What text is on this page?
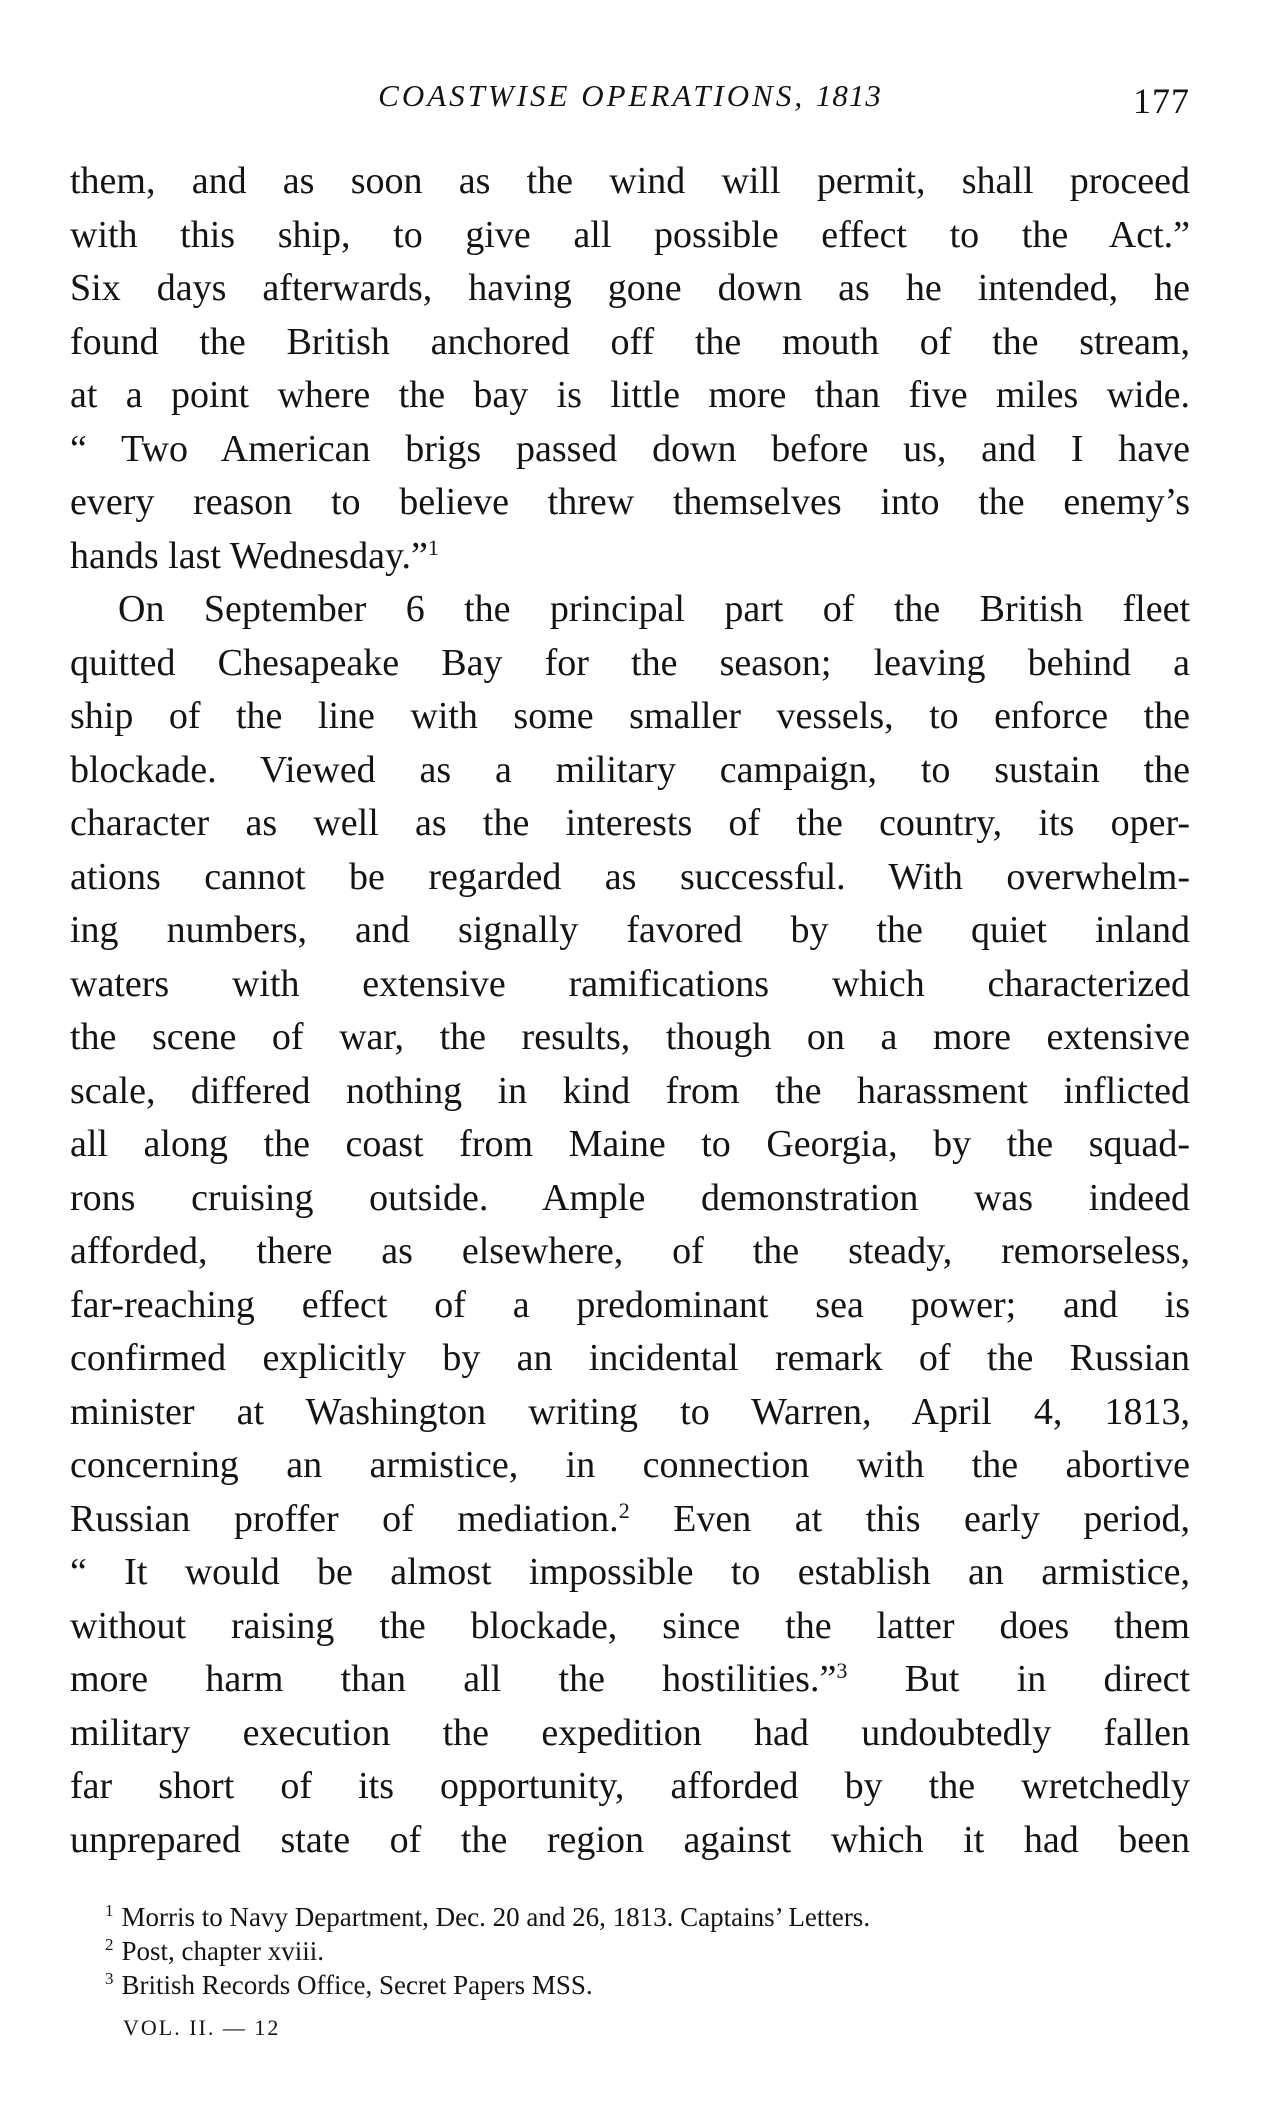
COASTWISE OPERATIONS, 1813	177
them, and as soon as the wind will permit, shall proceed
with this ship, to give all possible effect to the Act.”
Six days afterwards, having gone down as he intended, he
found the British anchored off the mouth of the stream,
at a point where the bay is little more than five miles wide.
“ Two American brigs passed down before us, and I have
every reason to believe threw themselves into the enemy’s
hands last Wednesday.”$^1$
On September 6 the principal part of the British fleet
quitted Chesapeake Bay for the season; leaving behind a
ship of the line with some smaller vessels, to enforce the
blockade. Viewed as a military campaign, to sustain the
character as well as the interests of the country, its oper-
ations cannot be regarded as successful. With overwhelm-
ing numbers, and signally favored by the quiet inland
waters with extensive ramifications which characterized
the scene of war, the results, though on a more extensive
scale, differed nothing in kind from the harassment inflicted
all along the coast from Maine to Georgia, by the squad-
rons cruising outside. Ample demonstration was indeed
afforded, there as elsewhere, of the steady, remorseless,
far-reaching effect of a predominant sea power; and is
confirmed explicitly by an incidental remark of the Russian
minister at Washington writing to Warren, April 4, 1813,
concerning an armistice, in connection with the abortive
Russian proffer of mediation.$^2$ Even at this early period,
“ It would be almost impossible to establish an armistice,
without raising the blockade, since the latter does them
more harm than all the hostilities.”$^3$ But in direct
military execution the expedition had undoubtedly fallen
far short of its opportunity, afforded by the wretchedly
unprepared state of the region against which it had been
$^1$ Morris to Navy Department, Dec. 20 and 26, 1813. Captains’ Letters.
$^2$ Post, chapter xviii.
$^3$ British Records Office, Secret Papers MSS.
VOL. II. — 12
